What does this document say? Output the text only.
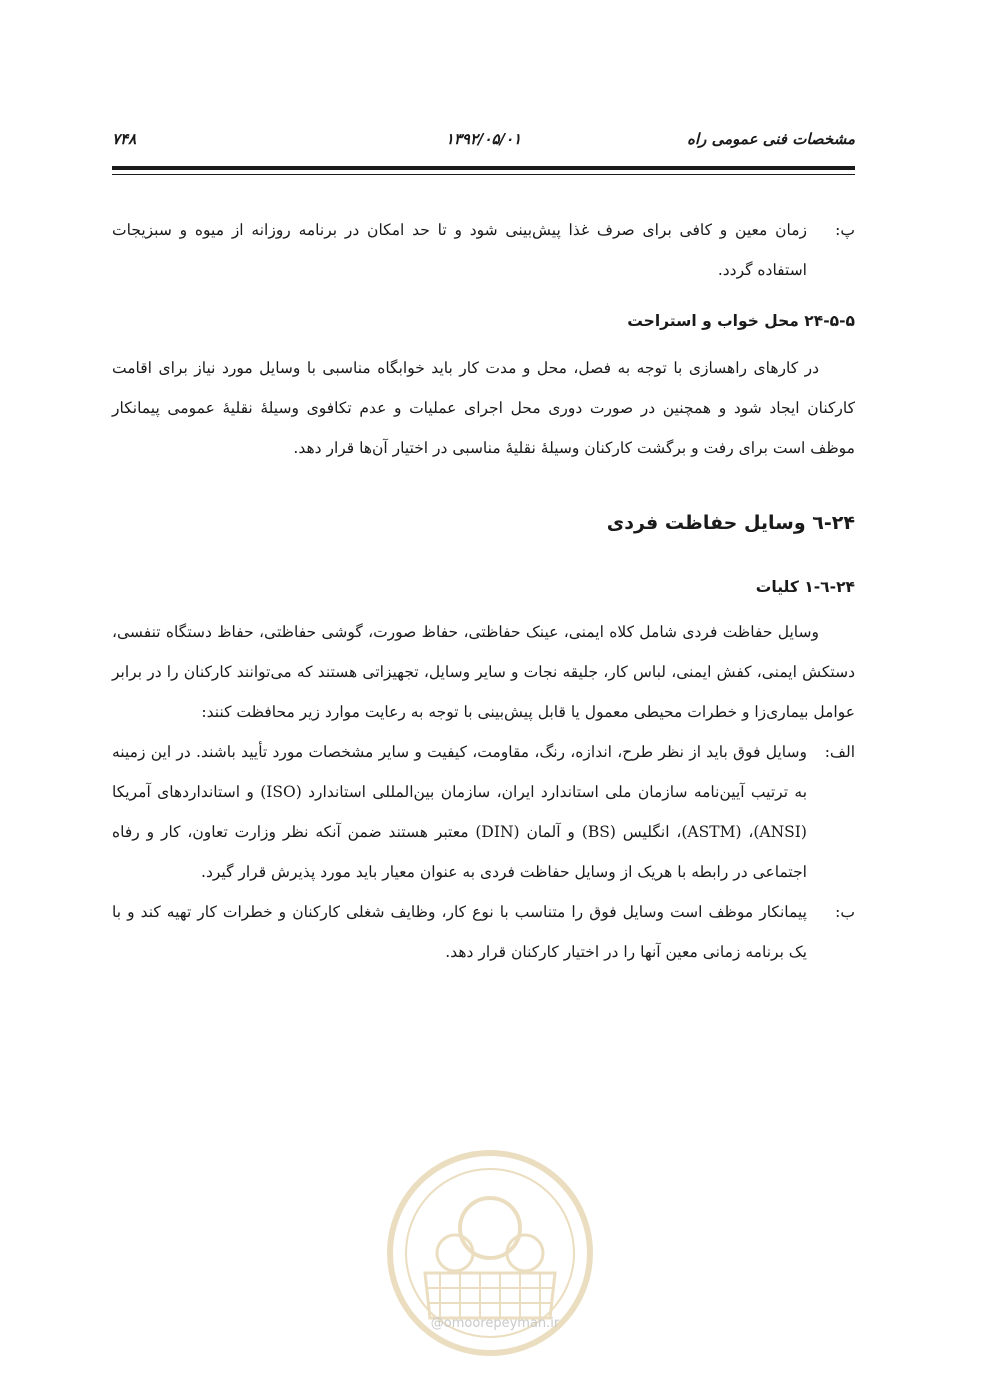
مشخصات فنی عمومی راه
۱۳۹۲/۰۵/۰۱
۷۴۸
پ:
زمان معین و کافی برای صرف غذا پیش‌بینی شود و تا حد امکان در برنامه روزانه از میوه و سبزیجات استفاده گردد.
۲۴-۵-۵ محل خواب و استراحت

در کارهای راهسازی با توجه به فصل، محل و مدت کار باید خوابگاه مناسبی با وسایل مورد نیاز برای اقامت کارکنان ایجاد شود و همچنین در صورت دوری محل اجرای عملیات و عدم تکافوی وسیلهٔ نقلیهٔ عمومی پیمانکار موظف است برای رفت و برگشت کارکنان وسیلهٔ نقلیهٔ مناسبی در اختیار آن‌ها قرار دهد.

۲۴-٦ وسایل حفاظت فردی
۲۴-٦-۱ کلیات

وسایل حفاظت فردی شامل کلاه ایمنی، عینک حفاظتی، حفاظ صورت، گوشی حفاظتی، حفاظ دستگاه تنفسی، دستکش ایمنی، کفش ایمنی، لباس کار، جلیقه نجات و سایر وسایل، تجهیزاتی هستند که می‌توانند کارکنان را در برابر عوامل بیماری‌زا و خطرات محیطی معمول یا قابل پیش‌بینی با توجه به رعایت موارد زیر محافظت کنند:

الف:
وسایل فوق باید از نظر طرح، اندازه، رنگ، مقاومت، کیفیت و سایر مشخصات مورد تأیید باشند. در این زمینه به ترتیب آیین‌نامه سازمان ملی استاندارد ایران، سازمان بین‌المللی استاندارد (ISO) و استانداردهای آمریکا (ANSI)، (ASTM)، انگلیس (BS) و آلمان (DIN) معتبر هستند ضمن آنکه نظر وزارت تعاون، کار و رفاه اجتماعی در رابطه با هریک از وسایل حفاظت فردی به عنوان معیار باید مورد پذیرش قرار گیرد.
ب:
پیمانکار موظف است وسایل فوق را متناسب با نوع کار، وظایف شغلی کارکنان و خطرات کار تهیه کند و با یک برنامه زمانی معین آنها را در اختیار کارکنان قرار دهد.
@omoorepeyman.ir
